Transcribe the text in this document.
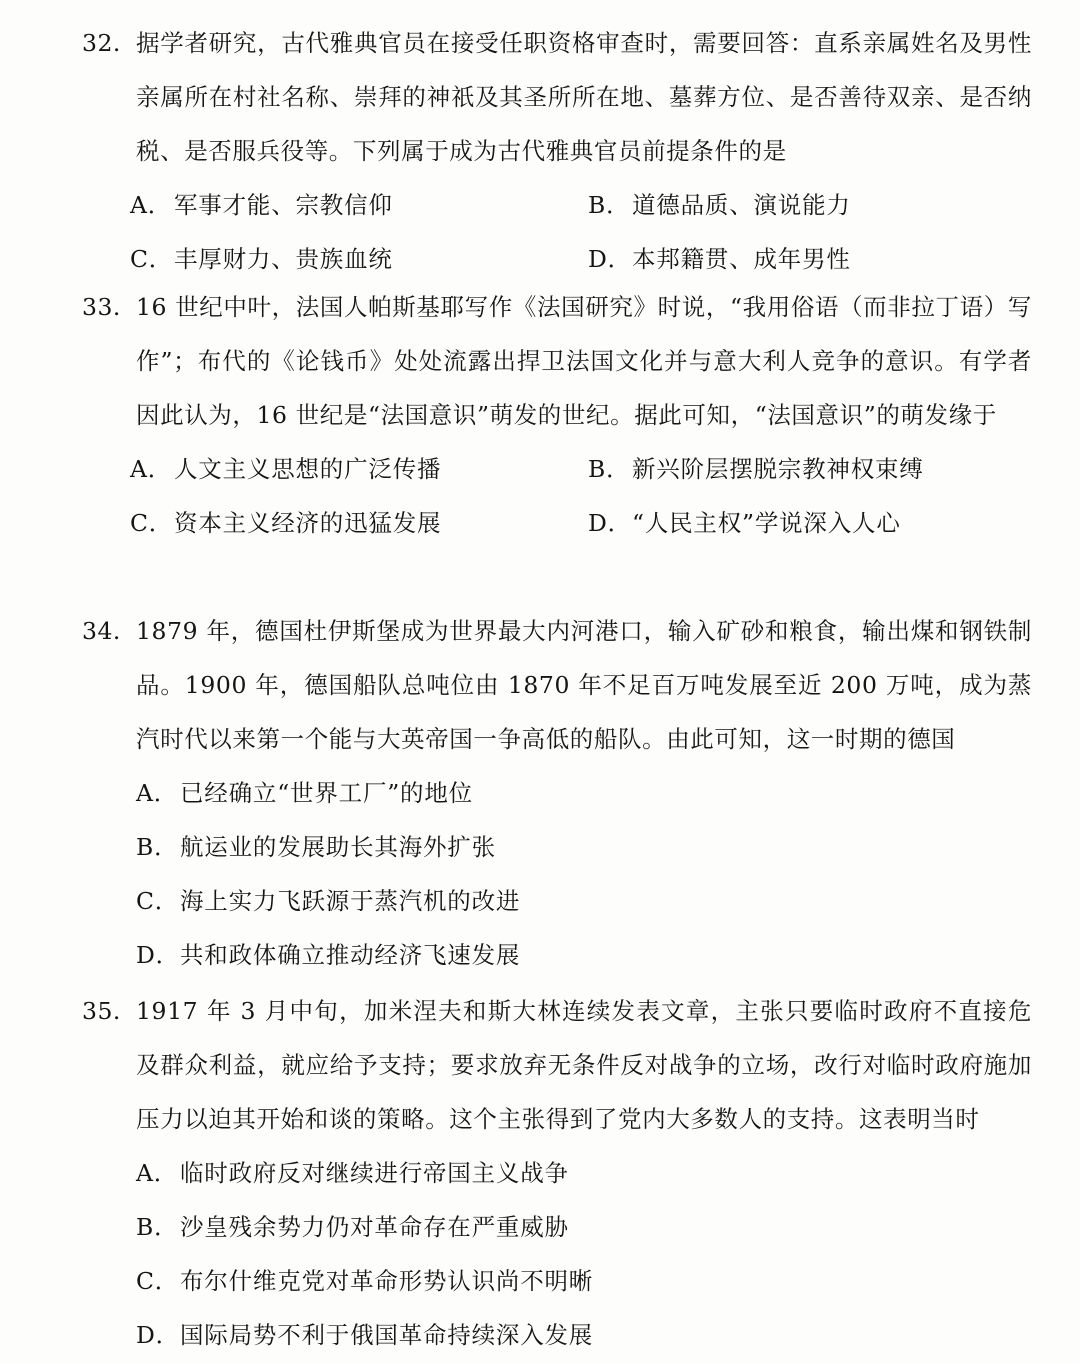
32. 据学者研究，古代雅典官员在接受任职资格审查时，需要回答：直系亲属姓名及男性亲属所在村社名称、崇拜的神祇及其圣所所在地、墓葬方位、是否善待双亲、是否纳税、是否服兵役等。下列属于成为古代雅典官员前提条件的是
A．军事才能、宗教信仰	B．道德品质、演说能力
C．丰厚财力、贵族血统	D．本邦籍贯、成年男性
33. 16 世纪中叶，法国人帕斯基耶写作《法国研究》时说，“我用俗语（而非拉丁语）写作”；布代的《论钱币》处处流露出捍卫法国文化并与意大利人竞争的意识。有学者因此认为，16 世纪是“法国意识”萌发的世纪。据此可知，“法国意识”的萌发缘于
A．人文主义思想的广泛传播	B．新兴阶层摆脱宗教神权束缚
C．资本主义经济的迅猛发展	D．“人民主权”学说深入人心
34. 1879 年，德国杜伊斯堡成为世界最大内河港口，输入矿砂和粮食，输出煤和钢铁制品。1900 年，德国船队总吨位由 1870 年不足百万吨发展至近 200 万吨，成为蒸汽时代以来第一个能与大英帝国一争高低的船队。由此可知，这一时期的德国
A．已经确立“世界工厂”的地位
B．航运业的发展助长其海外扩张
C．海上实力飞跃源于蒸汽机的改进
D．共和政体确立推动经济飞速发展
35. 1917 年 3 月中旬，加米涅夫和斯大林连续发表文章，主张只要临时政府不直接危及群众利益，就应给予支持；要求放弃无条件反对战争的立场，改行对临时政府施加压力以迫其开始和谈的策略。这个主张得到了党内大多数人的支持。这表明当时
A．临时政府反对继续进行帝国主义战争
B．沙皇残余势力仍对革命存在严重威胁
C．布尔什维克党对革命形势认识尚不明晰
D．国际局势不利于俄国革命持续深入发展
